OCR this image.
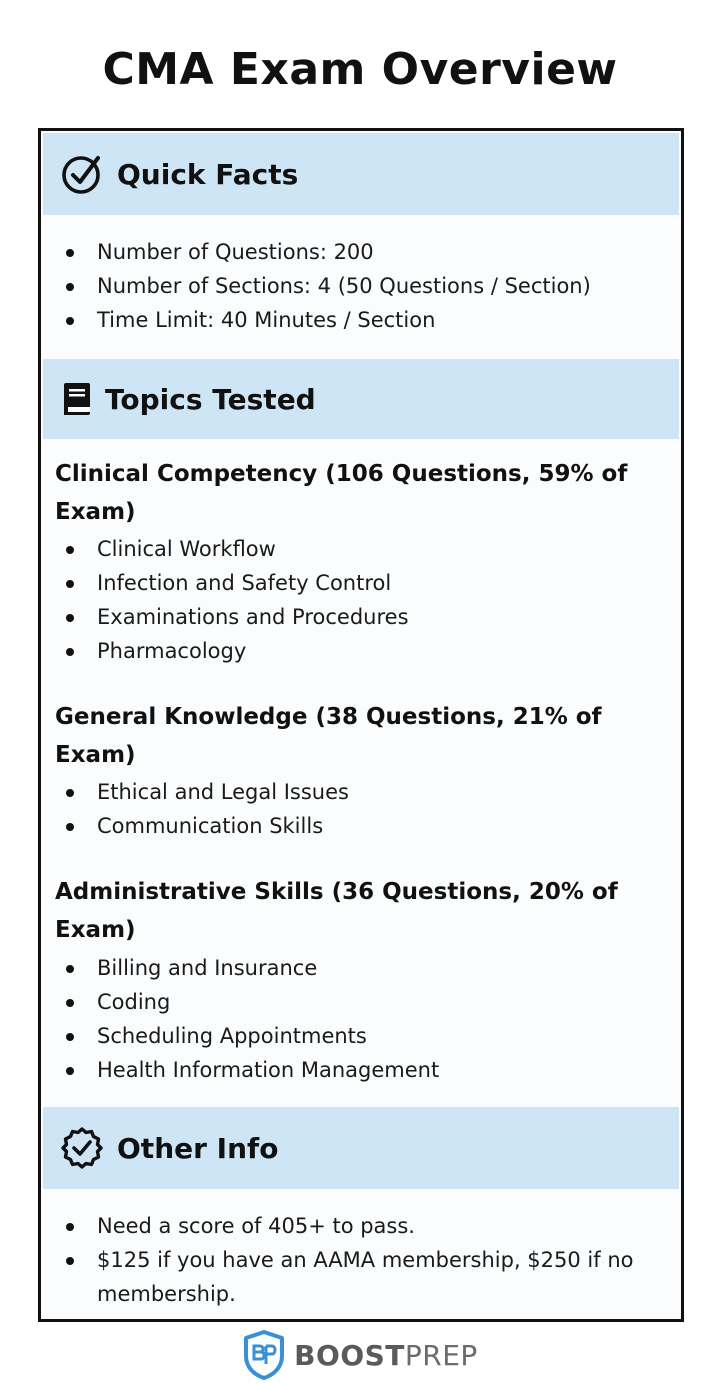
CMA Exam Overview
Quick Facts
Number of Questions: 200
Number of Sections: 4 (50 Questions / Section)
Time Limit: 40 Minutes / Section
Topics Tested
Clinical Competency (106 Questions, 59% of Exam)
Clinical Workflow
Infection and Safety Control
Examinations and Procedures
Pharmacology
General Knowledge (38 Questions, 21% of Exam)
Ethical and Legal Issues
Communication Skills
Administrative Skills (36 Questions, 20% of Exam)
Billing and Insurance
Coding
Scheduling Appointments
Health Information Management
Other Info
Need a score of 405+ to pass.
$125 if you have an AAMA membership, $250 if no membership.
BOOSTPREP
